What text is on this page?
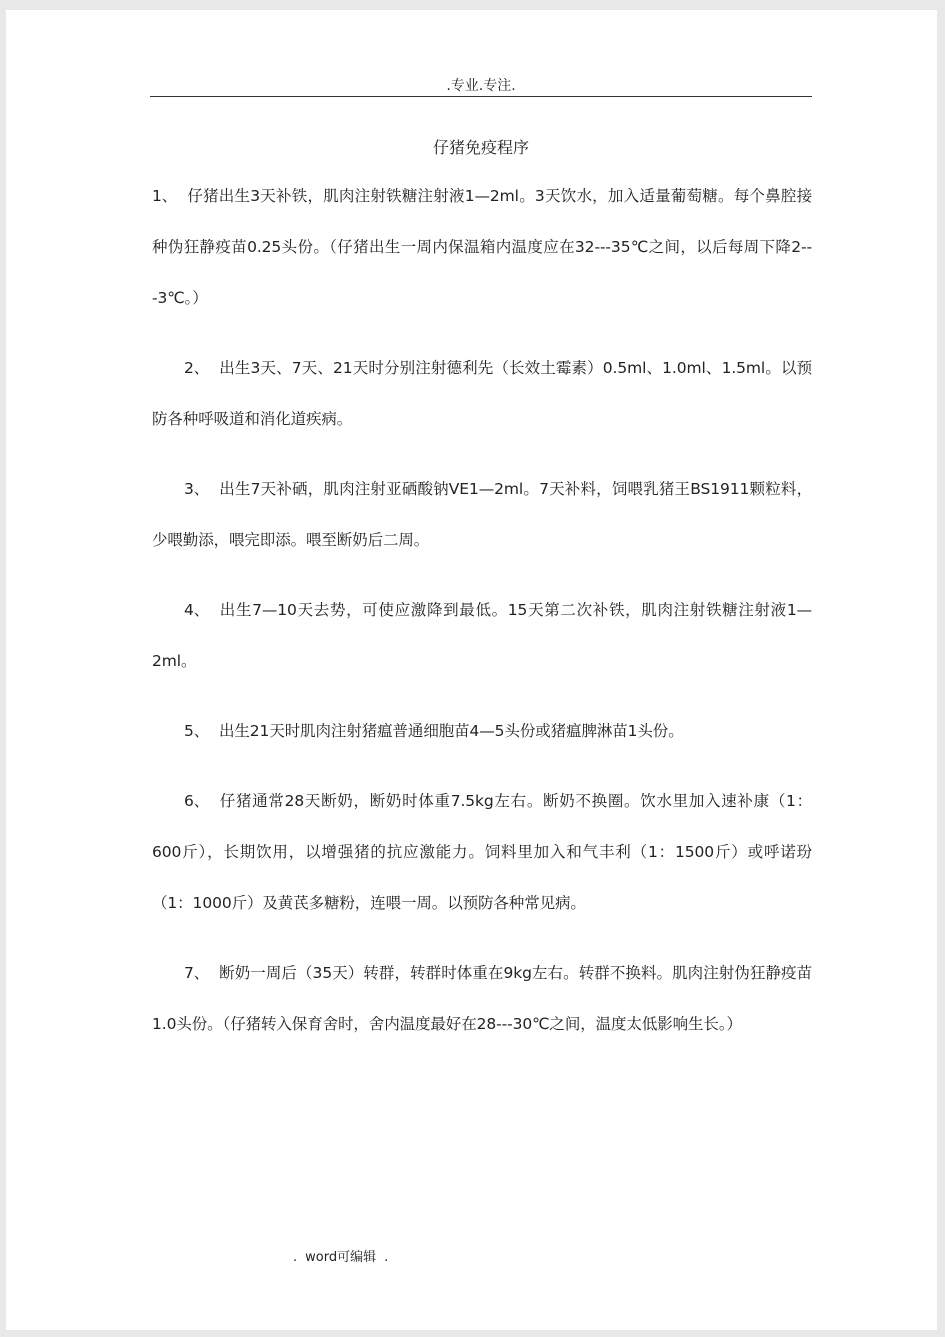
.专业.专注.
仔猪免疫程序

1、 仔猪出生3天补铁，肌肉注射铁糖注射液1—2ml。3天饮水，加入适量葡萄糖。每个鼻腔接种伪狂静疫苗0.25头份。（仔猪出生一周内保温箱内温度应在32---35℃之间，以后每周下降2---3℃。）

2、 出生3天、7天、21天时分别注射德利先（长效土霉素）0.5ml、1.0ml、1.5ml。以预防各种呼吸道和消化道疾病。

3、 出生7天补硒，肌肉注射亚硒酸钠VE1—2ml。7天补料，饲喂乳猪王BS1911颗粒料，少喂勤添，喂完即添。喂至断奶后二周。

4、 出生7—10天去势，可使应激降到最低。15天第二次补铁，肌肉注射铁糖注射液1—2ml。

5、 出生21天时肌肉注射猪瘟普通细胞苗4—5头份或猪瘟脾淋苗1头份。

6、 仔猪通常28天断奶，断奶时体重7.5kg左右。断奶不换圈。饮水里加入速补康（1：600斤），长期饮用，以增强猪的抗应激能力。饲料里加入和气丰利（1：1500斤）或呼诺玢（1：1000斤）及黄芪多糖粉，连喂一周。以预防各种常见病。

7、 断奶一周后（35天）转群，转群时体重在9kg左右。转群不换料。肌肉注射伪狂静疫苗1.0头份。（仔猪转入保育舍时，舍内温度最好在28---30℃之间，温度太低影响生长。）

. word可编辑 .
